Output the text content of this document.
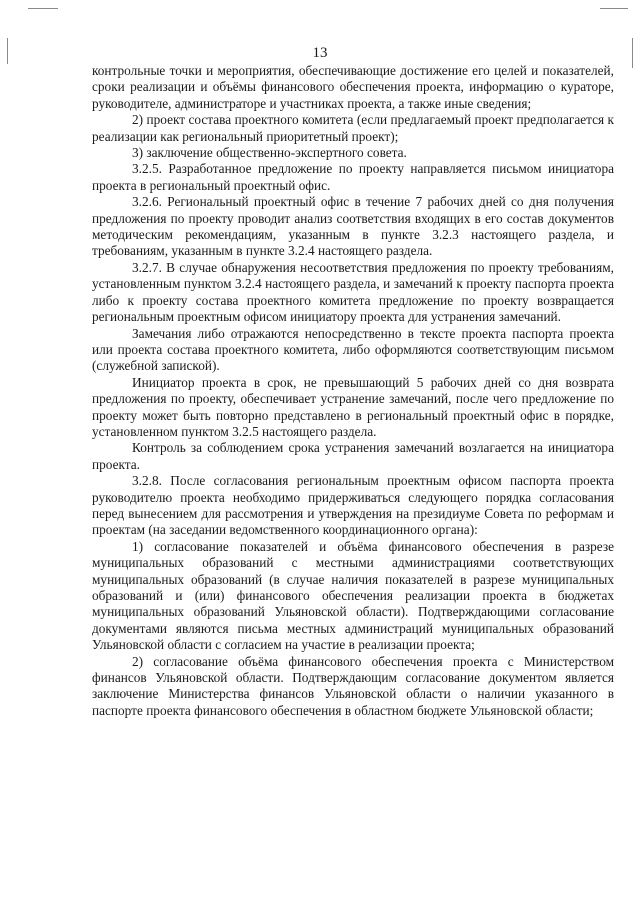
13

контрольные точки и мероприятия, обеспечивающие достижение его целей и показателей, сроки реализации и объёмы финансового обеспечения проекта, информацию о кураторе, руководителе, администраторе и участниках проекта, а также иные сведения;

2) проект состава проектного комитета (если предлагаемый проект предполагается к реализации как региональный приоритетный проект);

3) заключение общественно-экспертного совета.

3.2.5. Разработанное предложение по проекту направляется письмом инициатора проекта в региональный проектный офис.

3.2.6. Региональный проектный офис в течение 7 рабочих дней со дня получения предложения по проекту проводит анализ соответствия входящих в его состав документов методическим рекомендациям, указанным в пункте 3.2.3 настоящего раздела, и требованиям, указанным в пункте 3.2.4 настоящего раздела.

3.2.7. В случае обнаружения несоответствия предложения по проекту требованиям, установленным пунктом 3.2.4 настоящего раздела, и замечаний к проекту паспорта проекта либо к проекту состава проектного комитета предложение по проекту возвращается региональным проектным офисом инициатору проекта для устранения замечаний.

Замечания либо отражаются непосредственно в тексте проекта паспорта проекта или проекта состава проектного комитета, либо оформляются соответствующим письмом (служебной запиской).

Инициатор проекта в срок, не превышающий 5 рабочих дней со дня возврата предложения по проекту, обеспечивает устранение замечаний, после чего предложение по проекту может быть повторно представлено в региональный проектный офис в порядке, установленном пунктом 3.2.5 настоящего раздела.

Контроль за соблюдением срока устранения замечаний возлагается на инициатора проекта.

3.2.8. После согласования региональным проектным офисом паспорта проекта руководителю проекта необходимо придерживаться следующего порядка согласования перед вынесением для рассмотрения и утверждения на президиуме Совета по реформам и проектам (на заседании ведомственного координационного органа):

1) согласование показателей и объёма финансового обеспечения в разрезе муниципальных образований с местными администрациями соответствующих муниципальных образований (в случае наличия показателей в разрезе муниципальных образований и (или) финансового обеспечения реализации проекта в бюджетах муниципальных образований Ульяновской области). Подтверждающими согласование документами являются письма местных администраций муниципальных образований Ульяновской области с согласием на участие в реализации проекта;

2) согласование объёма финансового обеспечения проекта с Министерством финансов Ульяновской области. Подтверждающим согласование документом является заключение Министерства финансов Ульяновской области о наличии указанного в паспорте проекта финансового обеспечения в областном бюджете Ульяновской области;
